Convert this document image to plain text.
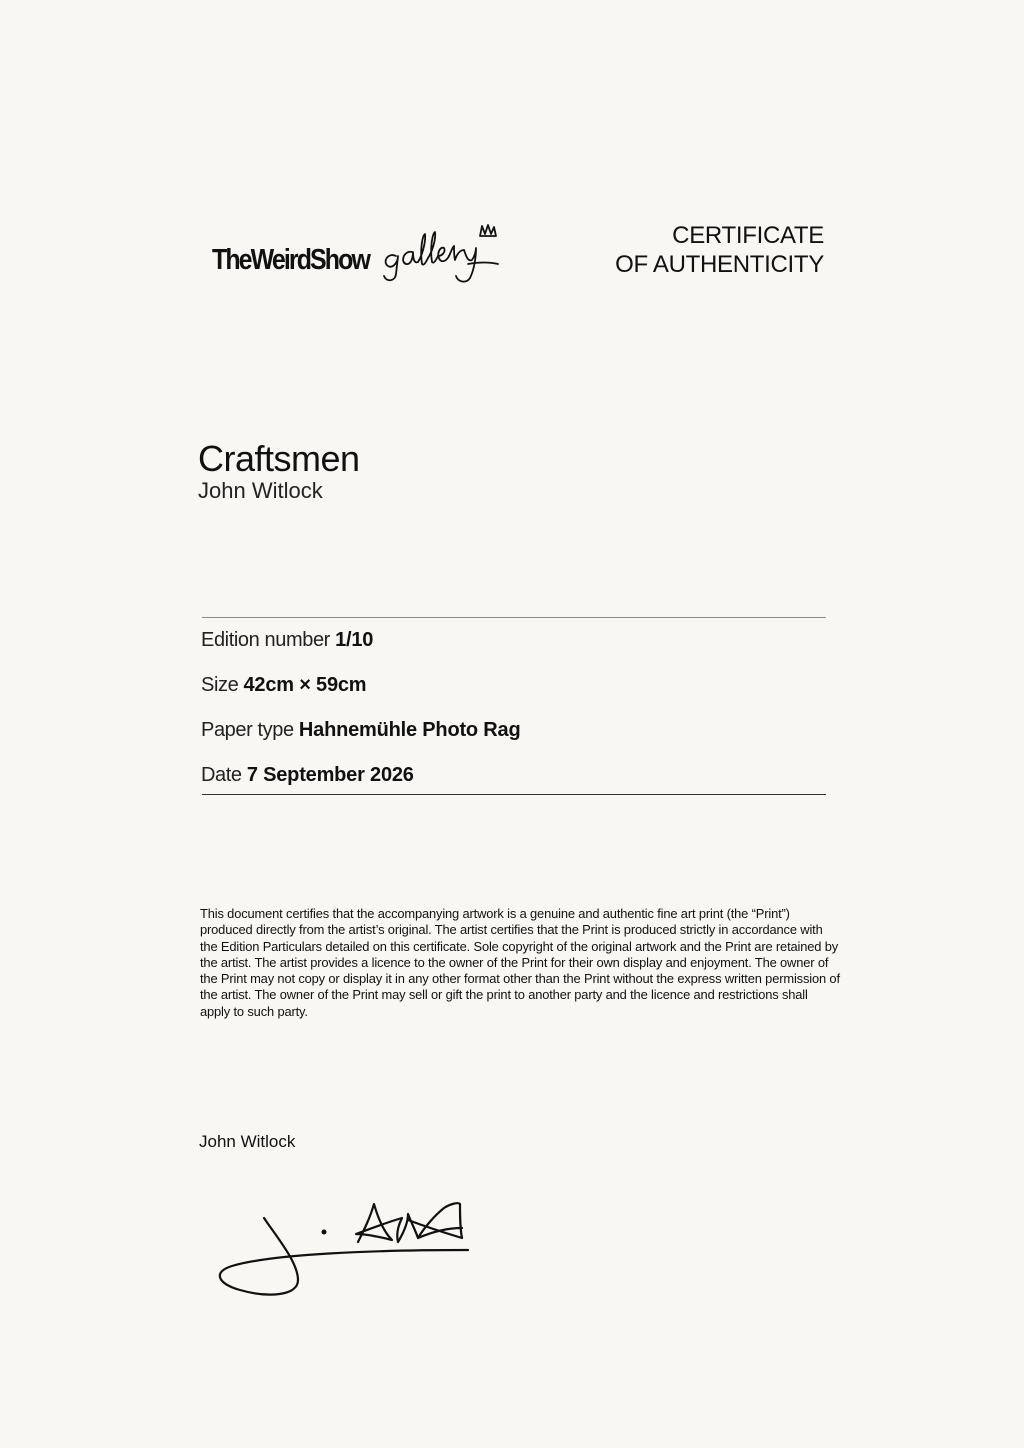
TheWeirdShow
CERTIFICATE
OF AUTHENTICITY
Craftsmen
John Witlock
Edition number 1/10
Size 42cm × 59cm
Paper type Hahnemühle Photo Rag
Date 7 September 2026
This document certifies that the accompanying artwork is a genuine and authentic fine art print (the “Print”) produced directly from the artist’s original. The artist certifies that the Print is produced strictly in accordance with the Edition Particulars detailed on this certificate. Sole copyright of the original artwork and the Print are retained by the artist. The artist provides a licence to the owner of the Print for their own display and enjoyment. The owner of the Print may not copy or display it in any other format other than the Print without the express written permission of the artist. The owner of the Print may sell or gift the print to another party and the licence and restrictions shall apply to such party.
John Witlock
